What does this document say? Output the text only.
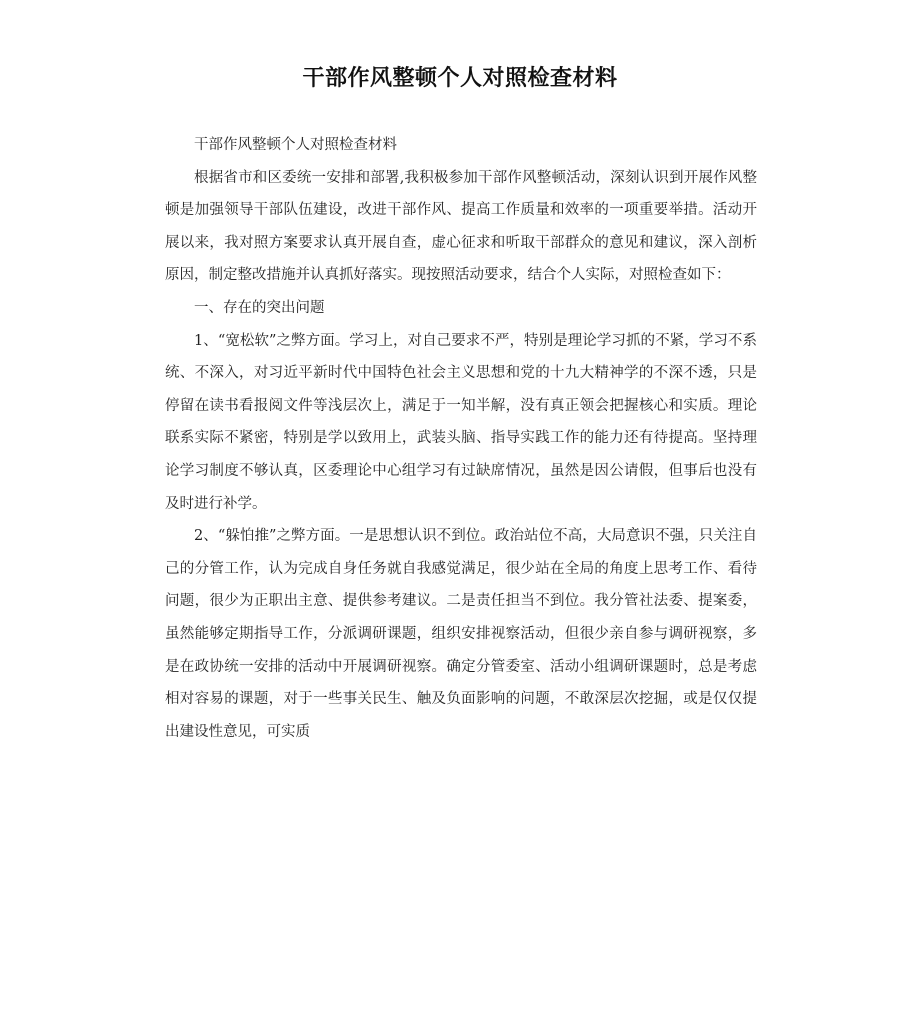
干部作风整顿个人对照检查材料

干部作风整顿个人对照检查材料

根据省市和区委统一安排和部署,我积极参加干部作风整顿活动，深刻认识到开展作风整顿是加强领导干部队伍建设，改进干部作风、提高工作质量和效率的一项重要举措。活动开展以来，我对照方案要求认真开展自查，虚心征求和听取干部群众的意见和建议，深入剖析原因，制定整改措施并认真抓好落实。现按照活动要求，结合个人实际，对照检查如下：

一、存在的突出问题

1、“宽松软”之弊方面。学习上，对自己要求不严，特别是理论学习抓的不紧，学习不系统、不深入，对习近平新时代中国特色社会主义思想和党的十九大精神学的不深不透，只是停留在读书看报阅文件等浅层次上，满足于一知半解，没有真正领会把握核心和实质。理论联系实际不紧密，特别是学以致用上，武装头脑、指导实践工作的能力还有待提高。坚持理论学习制度不够认真，区委理论中心组学习有过缺席情况，虽然是因公请假，但事后也没有及时进行补学。

2、“躲怕推”之弊方面。一是思想认识不到位。政治站位不高，大局意识不强，只关注自己的分管工作，认为完成自身任务就自我感觉满足，很少站在全局的角度上思考工作、看待问题，很少为正职出主意、提供参考建议。二是责任担当不到位。我分管社法委、提案委，虽然能够定期指导工作，分派调研课题，组织安排视察活动，但很少亲自参与调研视察，多是在政协统一安排的活动中开展调研视察。确定分管委室、活动小组调研课题时，总是考虑相对容易的课题，对于一些事关民生、触及负面影响的问题，不敢深层次挖掘，或是仅仅提出建设性意见，可实质
